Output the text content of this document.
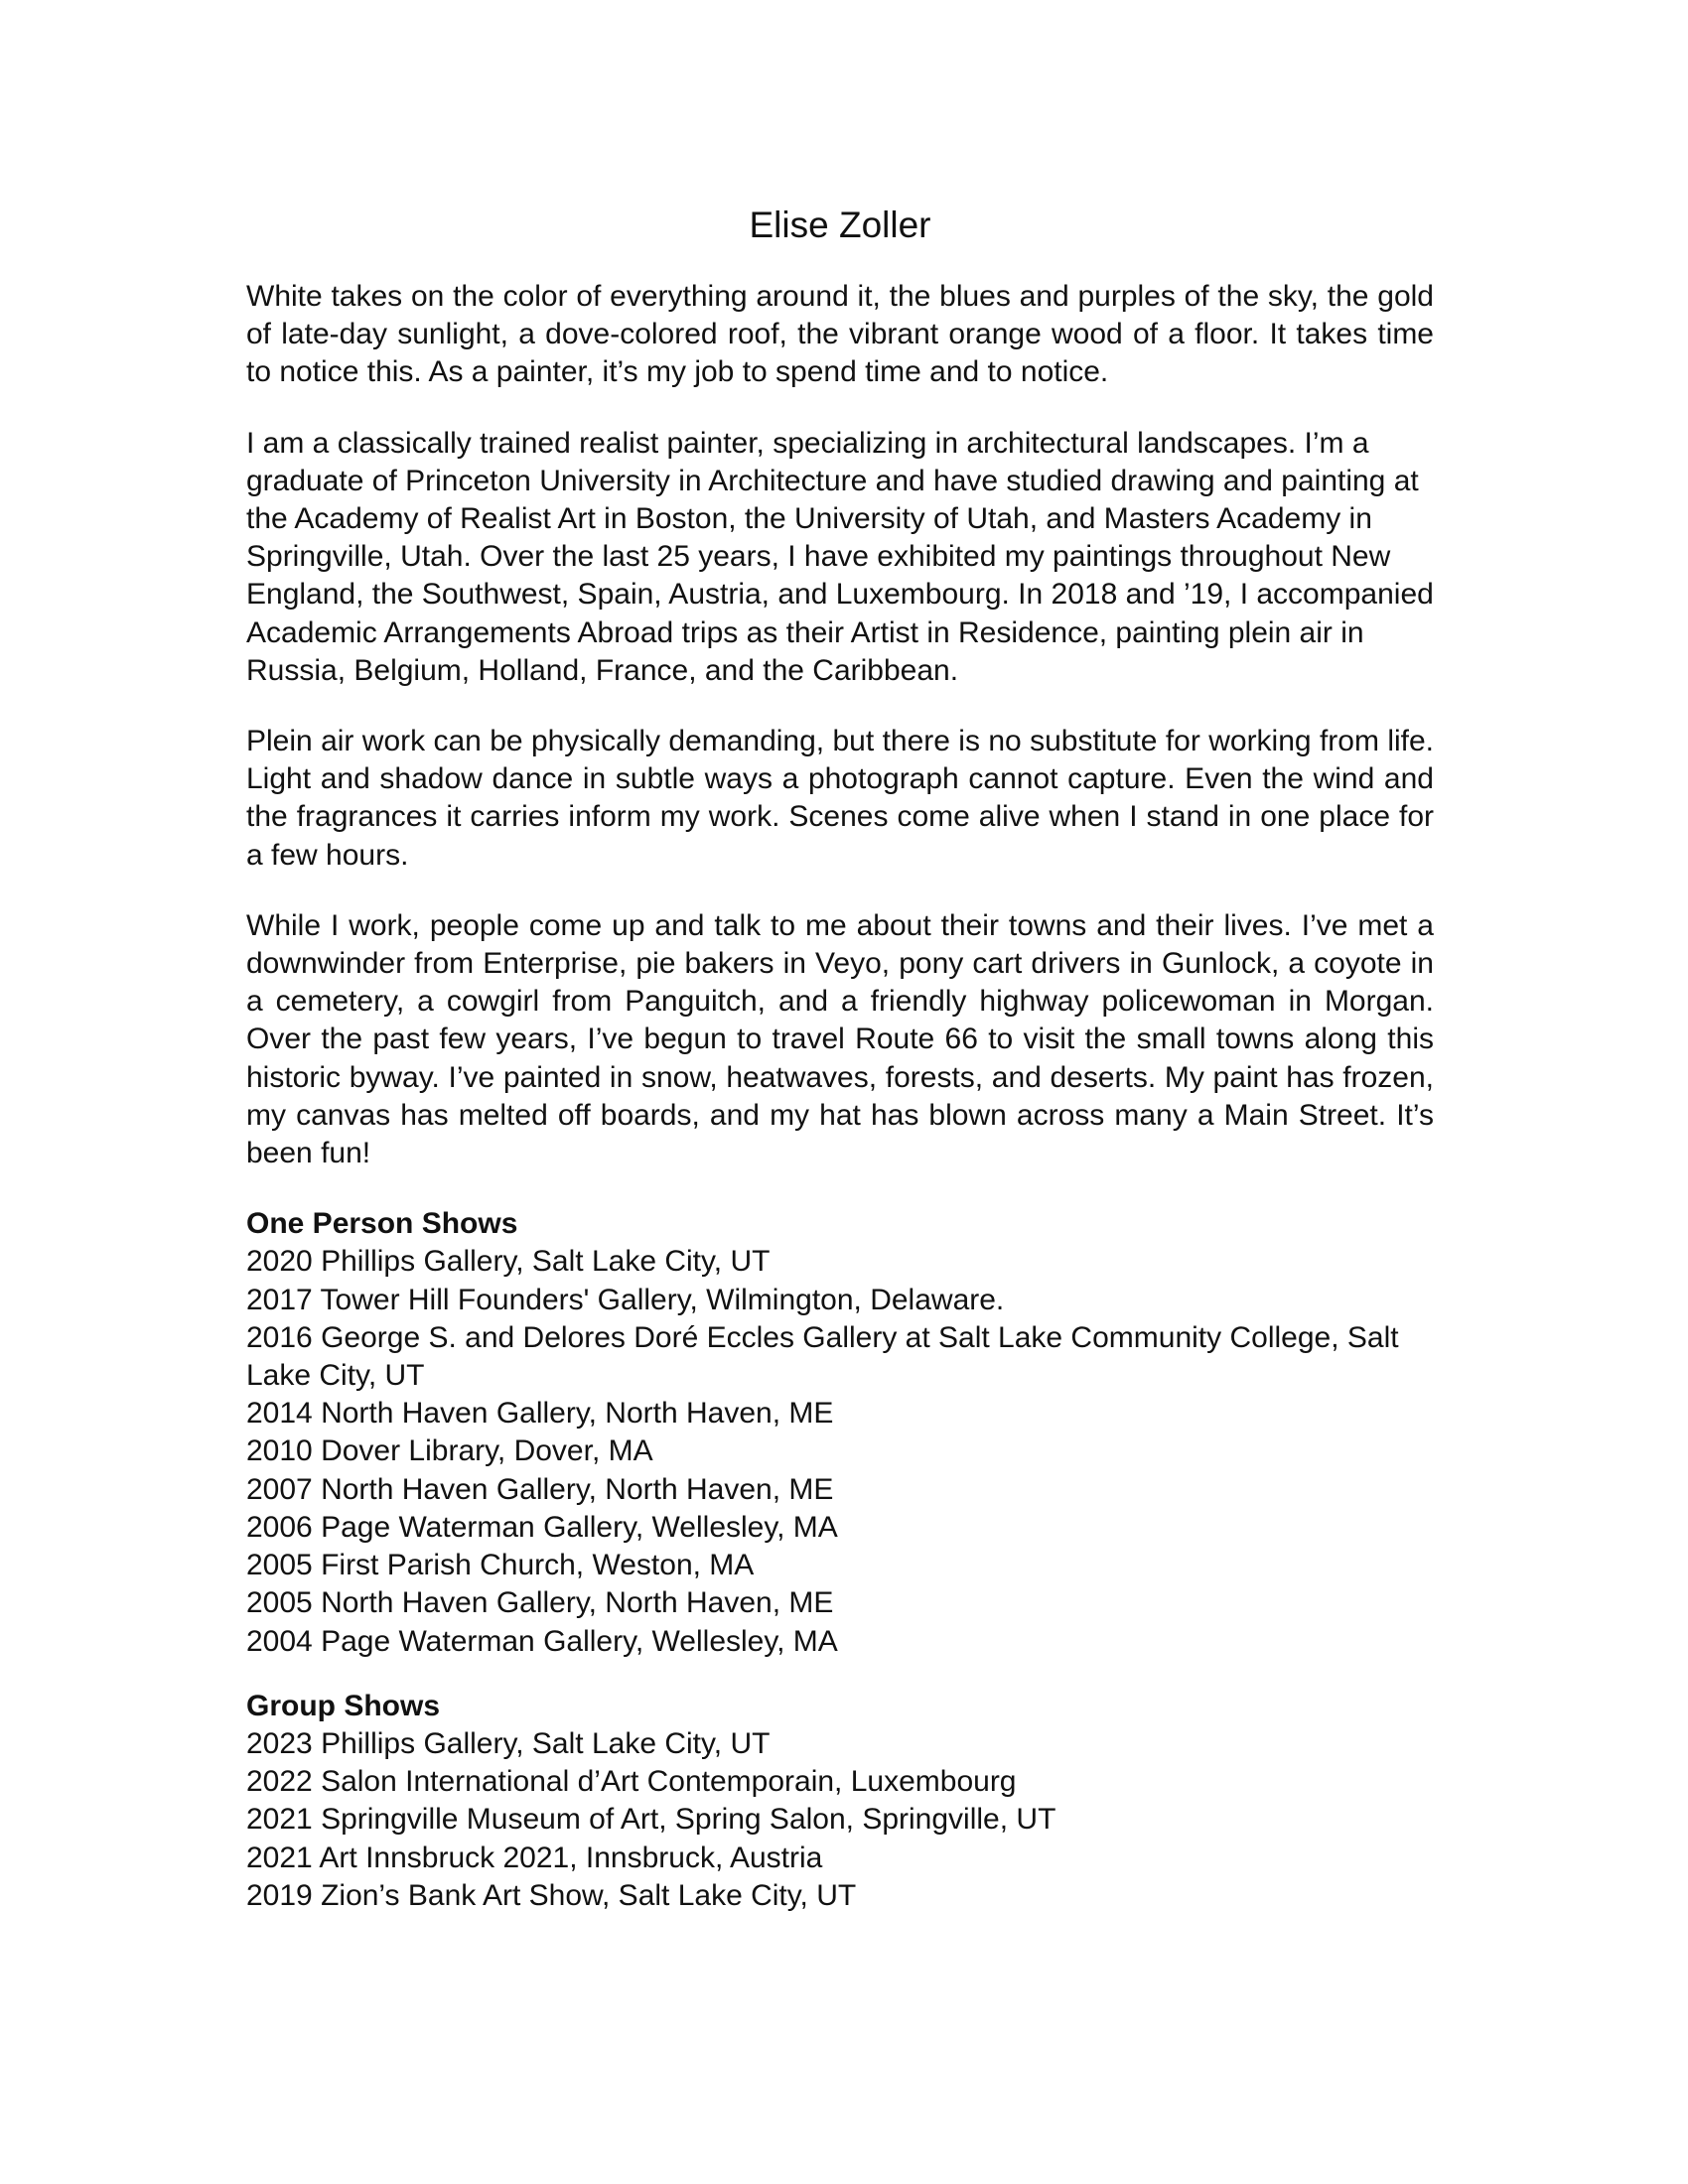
Elise Zoller

White takes on the color of everything around it, the blues and purples of the sky, the gold of late-day sunlight, a dove-colored roof, the vibrant orange wood of a floor. It takes time to notice this. As a painter, it’s my job to spend time and to notice.

I am a classically trained realist painter, specializing in architectural landscapes. I’m a graduate of Princeton University in Architecture and have studied drawing and painting at the Academy of Realist Art in Boston, the University of Utah, and Masters Academy in Springville, Utah. Over the last 25 years, I have exhibited my paintings throughout New England, the Southwest, Spain, Austria, and Luxembourg. In 2018 and ’19, I accompanied Academic Arrangements Abroad trips as their Artist in Residence, painting plein air in Russia, Belgium, Holland, France, and the Caribbean.

Plein air work can be physically demanding, but there is no substitute for working from life. Light and shadow dance in subtle ways a photograph cannot capture. Even the wind and the fragrances it carries inform my work. Scenes come alive when I stand in one place for a few hours.

While I work, people come up and talk to me about their towns and their lives. I’ve met a downwinder from Enterprise, pie bakers in Veyo, pony cart drivers in Gunlock, a coyote in a cemetery, a cowgirl from Panguitch, and a friendly highway policewoman in Morgan. Over the past few years, I’ve begun to travel Route 66 to visit the small towns along this historic byway. I’ve painted in snow, heatwaves, forests, and deserts. My paint has frozen, my canvas has melted off boards, and my hat has blown across many a Main Street. It’s been fun!

One Person Shows
2020 Phillips Gallery, Salt Lake City, UT
2017 Tower Hill Founders' Gallery, Wilmington, Delaware.
2016 George S. and Delores Doré Eccles Gallery at Salt Lake Community College, Salt Lake City, UT
2014 North Haven Gallery, North Haven, ME
2010 Dover Library, Dover, MA
2007 North Haven Gallery, North Haven, ME
2006 Page Waterman Gallery, Wellesley, MA
2005 First Parish Church, Weston, MA
2005 North Haven Gallery, North Haven, ME
2004 Page Waterman Gallery, Wellesley, MA
Group Shows
2023 Phillips Gallery, Salt Lake City, UT
2022 Salon International d’Art Contemporain, Luxembourg
2021 Springville Museum of Art, Spring Salon, Springville, UT
2021 Art Innsbruck 2021, Innsbruck, Austria
2019 Zion’s Bank Art Show, Salt Lake City, UT
